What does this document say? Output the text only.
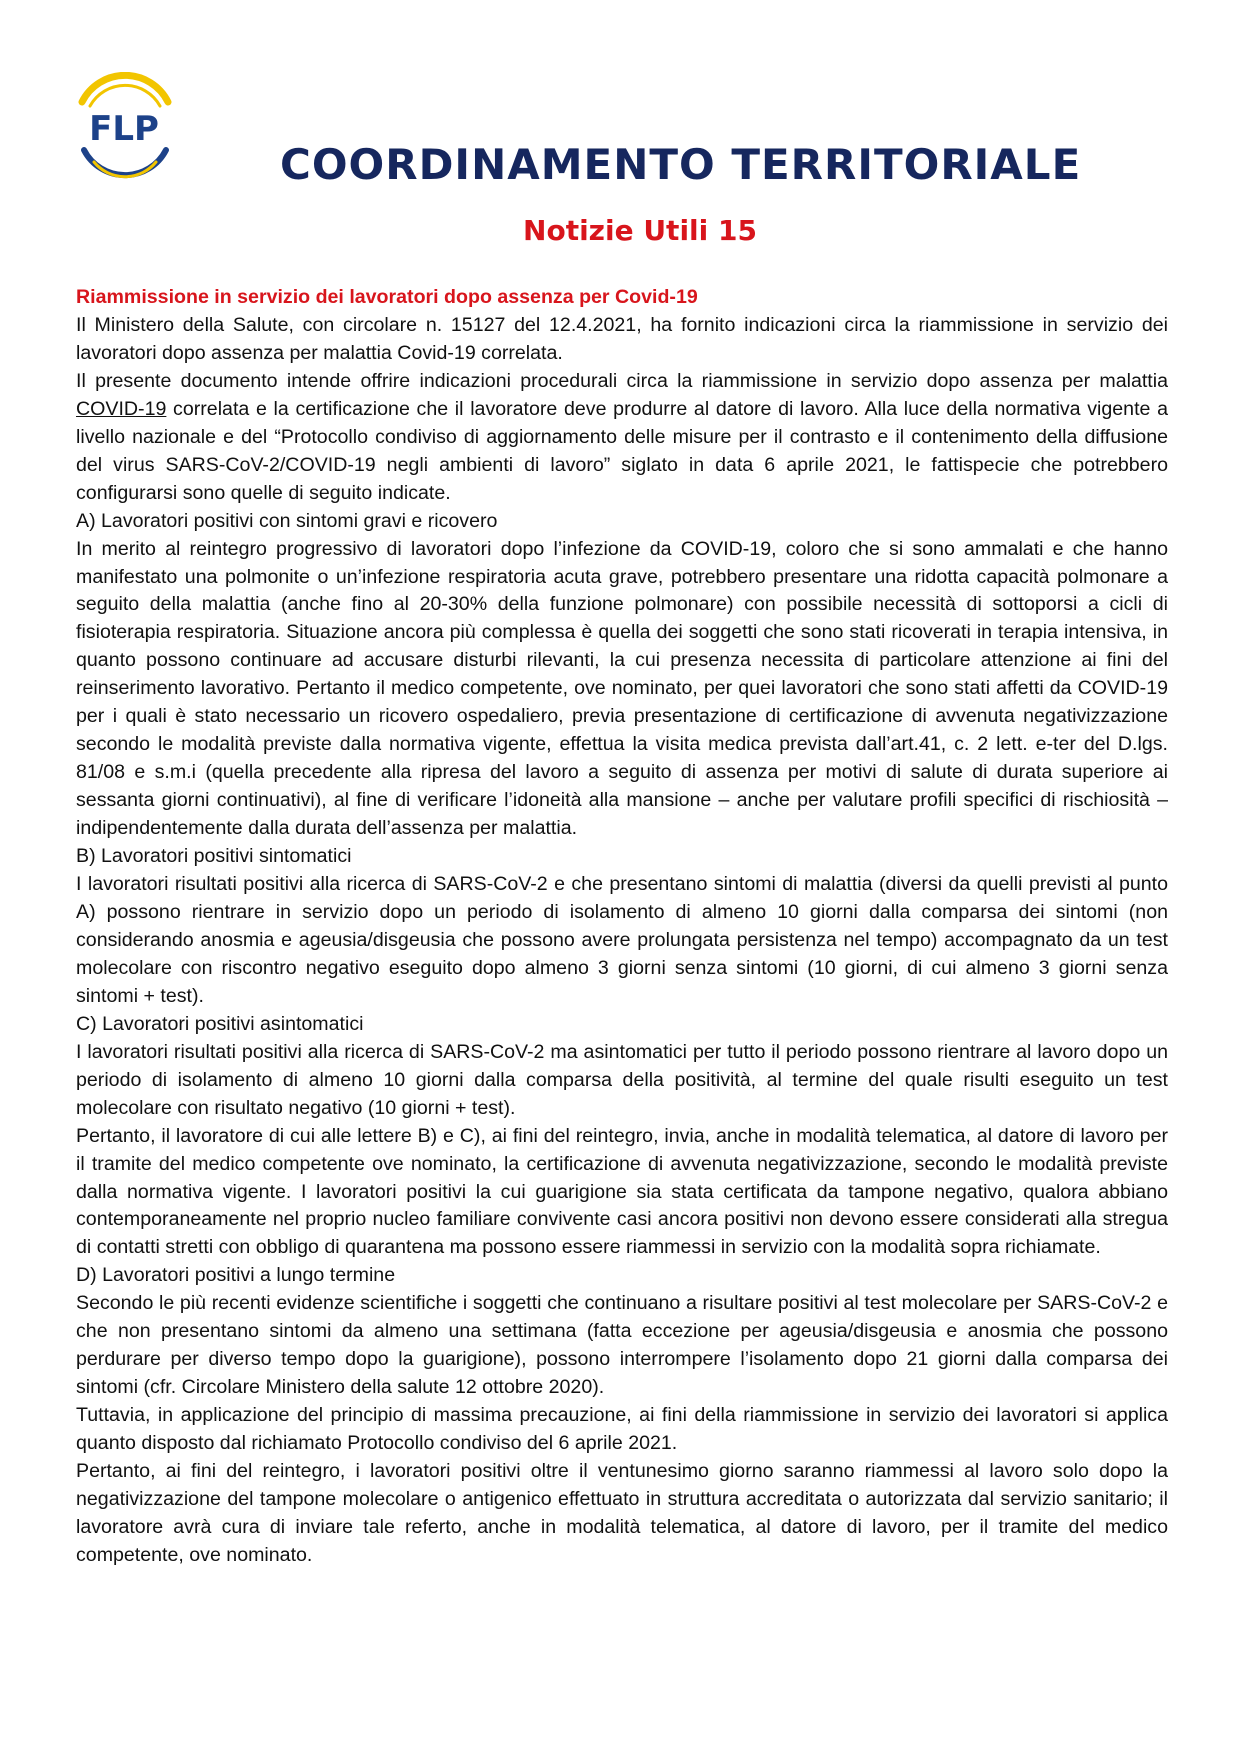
FLP
COORDINAMENTO TERRITORIALE
Notizie Utili 15

Riammissione in servizio dei lavoratori dopo assenza per Covid-19

Il Ministero della Salute, con circolare n. 15127 del 12.4.2021, ha fornito indicazioni circa la riammissione in servizio dei lavoratori dopo assenza per malattia Covid-19 correlata.

Il presente documento intende offrire indicazioni procedurali circa la riammissione in servizio dopo assenza per malattia COVID-19 correlata e la certificazione che il lavoratore deve produrre al datore di lavoro. Alla luce della normativa vigente a livello nazionale e del “Protocollo condiviso di aggiornamento delle misure per il contrasto e il contenimento della diffusione del virus SARS-CoV-2/COVID-19 negli ambienti di lavoro” siglato in data 6 aprile 2021, le fattispecie che potrebbero configurarsi sono quelle di seguito indicate.

A) Lavoratori positivi con sintomi gravi e ricovero

In merito al reintegro progressivo di lavoratori dopo l’infezione da COVID-19, coloro che si sono ammalati e che hanno manifestato una polmonite o un’infezione respiratoria acuta grave, potrebbero presentare una ridotta capacità polmonare a seguito della malattia (anche fino al 20-30% della funzione polmonare) con possibile necessità di sottoporsi a cicli di fisioterapia respiratoria. Situazione ancora più complessa è quella dei soggetti che sono stati ricoverati in terapia intensiva, in quanto possono continuare ad accusare disturbi rilevanti, la cui presenza necessita di particolare attenzione ai fini del reinserimento lavorativo. Pertanto il medico competente, ove nominato, per quei lavoratori che sono stati affetti da COVID-19 per i quali è stato necessario un ricovero ospedaliero, previa presentazione di certificazione di avvenuta negativizzazione secondo le modalità previste dalla normativa vigente, effettua la visita medica prevista dall’art.41, c. 2 lett. e-ter del D.lgs. 81/08 e s.m.i (quella precedente alla ripresa del lavoro a seguito di assenza per motivi di salute di durata superiore ai sessanta giorni continuativi), al fine di verificare l’idoneità alla mansione – anche per valutare profili specifici di rischiosità – indipendentemente dalla durata dell’assenza per malattia.

B) Lavoratori positivi sintomatici

I lavoratori risultati positivi alla ricerca di SARS-CoV-2 e che presentano sintomi di malattia (diversi da quelli previsti al punto A) possono rientrare in servizio dopo un periodo di isolamento di almeno 10 giorni dalla comparsa dei sintomi (non considerando anosmia e ageusia/disgeusia che possono avere prolungata persistenza nel tempo) accompagnato da un test molecolare con riscontro negativo eseguito dopo almeno 3 giorni senza sintomi (10 giorni, di cui almeno 3 giorni senza sintomi + test).

C) Lavoratori positivi asintomatici

I lavoratori risultati positivi alla ricerca di SARS-CoV-2 ma asintomatici per tutto il periodo possono rientrare al lavoro dopo un periodo di isolamento di almeno 10 giorni dalla comparsa della positività, al termine del quale risulti eseguito un test molecolare con risultato negativo (10 giorni + test).

Pertanto, il lavoratore di cui alle lettere B) e C), ai fini del reintegro, invia, anche in modalità telematica, al datore di lavoro per il tramite del medico competente ove nominato, la certificazione di avvenuta negativizzazione, secondo le modalità previste dalla normativa vigente. I lavoratori positivi la cui guarigione sia stata certificata da tampone negativo, qualora abbiano contemporaneamente nel proprio nucleo familiare convivente casi ancora positivi non devono essere considerati alla stregua di contatti stretti con obbligo di quarantena ma possono essere riammessi in servizio con la modalità sopra richiamate.

D) Lavoratori positivi a lungo termine

Secondo le più recenti evidenze scientifiche i soggetti che continuano a risultare positivi al test molecolare per SARS-CoV-2 e che non presentano sintomi da almeno una settimana (fatta eccezione per ageusia/disgeusia e anosmia che possono perdurare per diverso tempo dopo la guarigione), possono interrompere l’isolamento dopo 21 giorni dalla comparsa dei sintomi (cfr. Circolare Ministero della salute 12 ottobre 2020).

Tuttavia, in applicazione del principio di massima precauzione, ai fini della riammissione in servizio dei lavoratori si applica quanto disposto dal richiamato Protocollo condiviso del 6 aprile 2021.

Pertanto, ai fini del reintegro, i lavoratori positivi oltre il ventunesimo giorno saranno riammessi al lavoro solo dopo la negativizzazione del tampone molecolare o antigenico effettuato in struttura accreditata o autorizzata dal servizio sanitario; il lavoratore avrà cura di inviare tale referto, anche in modalità telematica, al datore di lavoro, per il tramite del medico competente, ove nominato.
